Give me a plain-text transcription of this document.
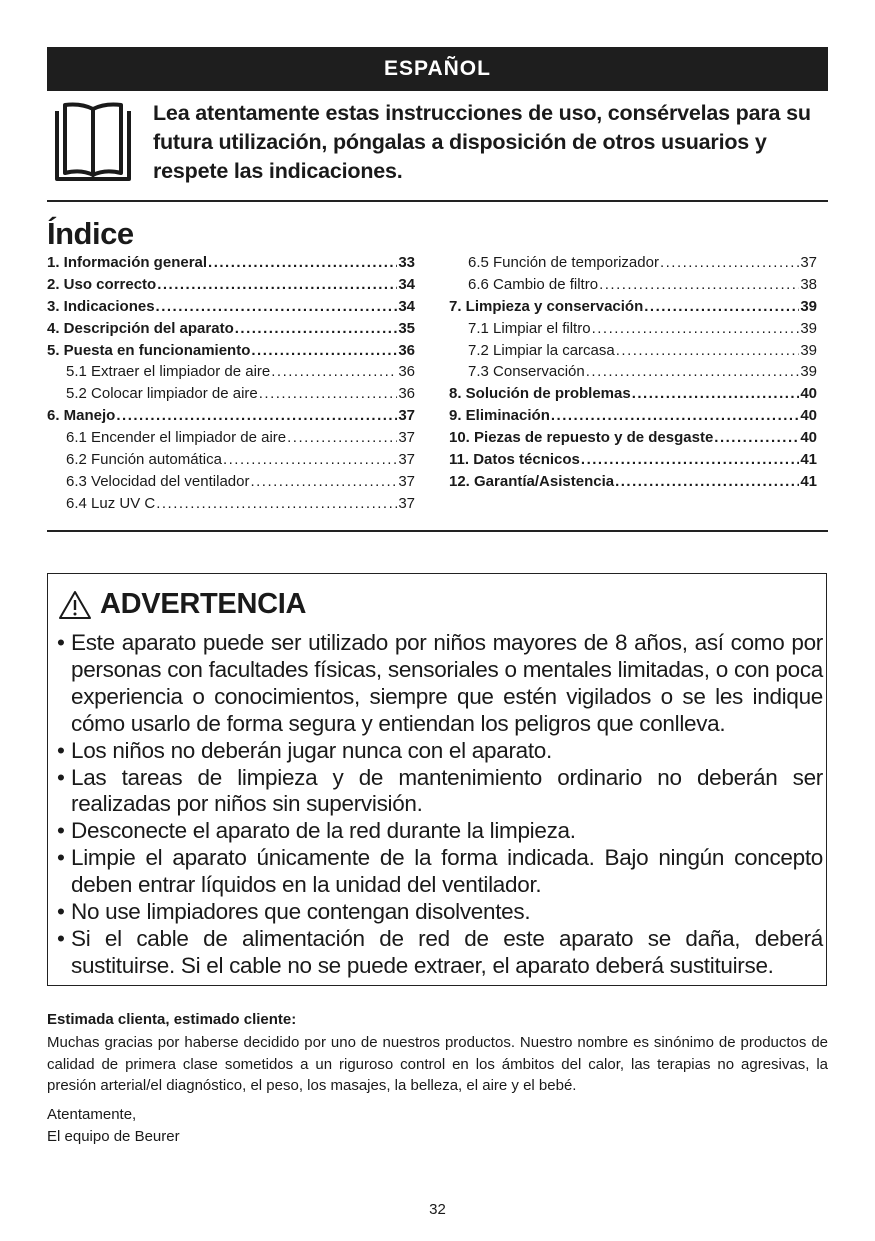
ESPAÑOL
Lea atentamente estas instrucciones de uso, consérvelas para su futura utilización, póngalas a disposición de otros usuarios y respete las indicaciones.
Índice
1. Información general .....	33
2. Uso correcto .....	34
3. Indicaciones .....	34
4. Descripción del aparato .....	35
5. Puesta en funcionamiento .....	36
5.1 Extraer el limpiador de aire .....	36
5.2 Colocar limpiador de aire .....	36
6. Manejo .....	37
6.1 Encender el limpiador de aire .....	37
6.2 Función automática .....	37
6.3 Velocidad del ventilador .....	37
6.4 Luz UV C .....	37
6.5 Función de temporizador .....	37
6.6 Cambio de filtro .....	38
7. Limpieza y conservación .....	39
7.1 Limpiar el filtro .....	39
7.2 Limpiar la carcasa .....	39
7.3 Conservación .....	39
8. Solución de problemas .....	40
9. Eliminación .....	40
10. Piezas de repuesto y de desgaste .....	40
11. Datos técnicos .....	41
12. Garantía/Asistencia .....	41
ADVERTENCIA
• Este aparato puede ser utilizado por niños mayores de 8 años, así como por personas con facultades físicas, sensoriales o mentales limitadas, o con poca experiencia o conocimientos, siempre que estén vigilados o se les indique cómo usarlo de forma segura y entiendan los peligros que conlleva.
• Los niños no deberán jugar nunca con el aparato.
• Las tareas de limpieza y de mantenimiento ordinario no deberán ser realizadas por niños sin supervisión.
• Desconecte el aparato de la red durante la limpieza.
• Limpie el aparato únicamente de la forma indicada. Bajo ningún concepto deben entrar líquidos en la unidad del ventilador.
• No use limpiadores que contengan disolventes.
• Si el cable de alimentación de red de este aparato se daña, deberá sustituirse. Si el cable no se puede extraer, el aparato deberá sustituirse.
Estimada clienta, estimado cliente:
Muchas gracias por haberse decidido por uno de nuestros productos. Nuestro nombre es sinónimo de productos de calidad de primera clase sometidos a un riguroso control en los ámbitos del calor, las terapias no agresivas, la presión arterial/el diagnóstico, el peso, los masajes, la belleza, el aire y el bebé.
Atentamente,
El equipo de Beurer
32
